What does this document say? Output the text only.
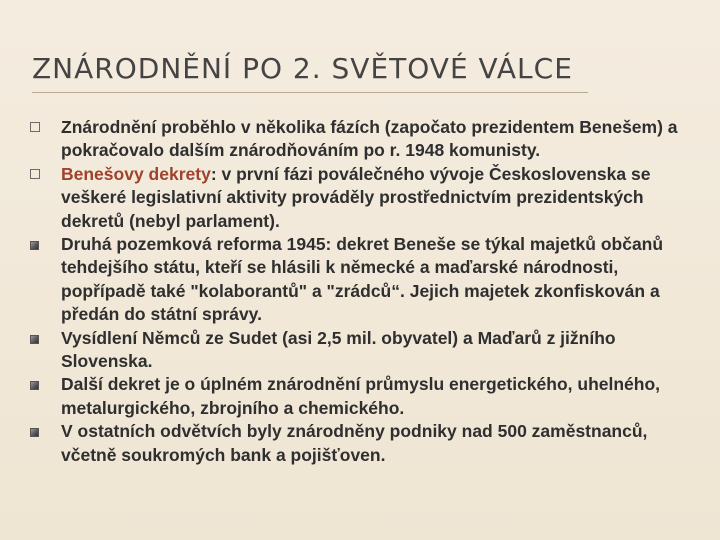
ZNÁRODNĚNÍ PO 2. SVĚTOVÉ VÁLCE
Znárodnění proběhlo v několika fázích (započato prezidentem Benešem) a pokračovalo dalším znárodňováním po r. 1948 komunisty.
Benešovy dekrety: v první fázi poválečného vývoje Československa se veškeré legislativní aktivity prováděly prostřednictvím prezidentských dekretů (nebyl parlament).
Druhá pozemková reforma 1945: dekret Beneše se týkal majetků občanů tehdejšího státu, kteří se hlásili k německé a maďarské národnosti, popřípadě také "kolaborantů" a "zrádců“. Jejich majetek zkonfiskován a předán do státní správy.
Vysídlení Němců ze Sudet (asi 2,5 mil. obyvatel) a Maďarů z jižního Slovenska.
Další dekret je o úplném znárodnění průmyslu energetického, uhelného, metalurgického, zbrojního a chemického.
V ostatních odvětvích byly znárodněny podniky nad 500 zaměstnanců, včetně soukromých bank a pojišťoven.
